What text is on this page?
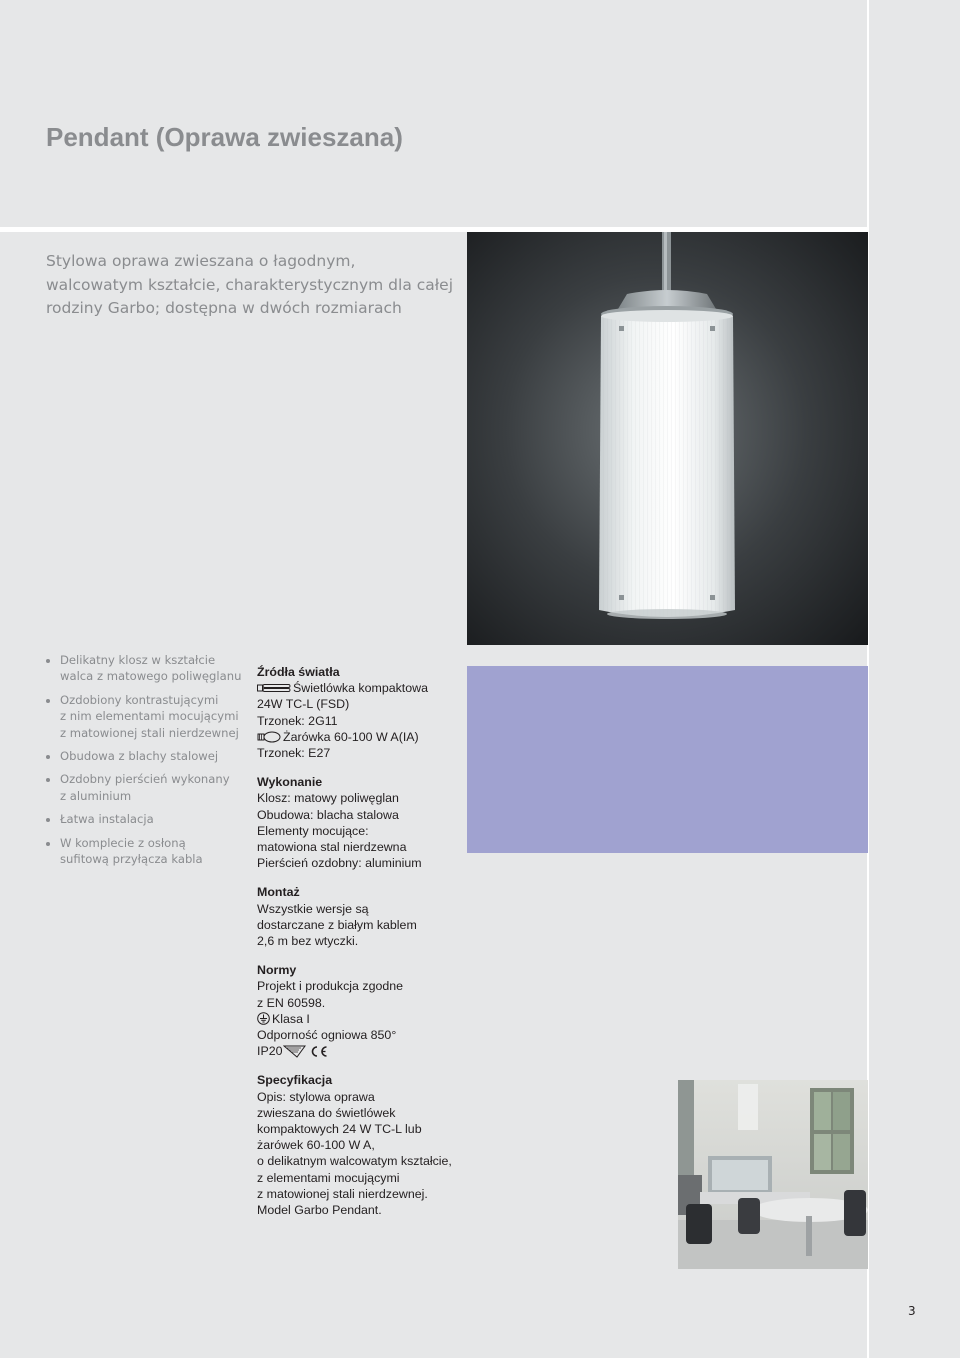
Pendant (Oprawa zwieszana)
Stylowa oprawa zwieszana o łagodnym,
walcowatym kształcie, charakterystycznym dla całej
rodziny Garbo; dostępna w dwóch rozmiarach
Delikatny klosz w kształcie
walca z matowego poliwęglanu
Ozdobiony kontrastującymi
z nim elementami mocującymi
z matowionej stali nierdzewnej
Obudowa z blachy stalowej
Ozdobny pierścień wykonany
z aluminium
Łatwa instalacja
W komplecie z osłoną
sufitową przyłącza kabla
Źródła światła
Świetlówka kompaktowa
24W TC-L (FSD)
Trzonek: 2G11
Żarówka 60-100 W A(IA)
Trzonek: E27
Wykonanie
Klosz: matowy poliwęglan
Obudowa: blacha stalowa
Elementy mocujące:
matowiona stal nierdzewna
Pierścień ozdobny: aluminium
Montaż
Wszystkie wersje są
dostarczane z białym kablem
2,6 m bez wtyczki.
Normy
Projekt i produkcja zgodne
z EN 60598.
Klasa I
Odporność ogniowa 850°
IP20
Specyfikacja
Opis: stylowa oprawa
zwieszana do świetlówek
kompaktowych 24 W TC-L lub
żarówek 60-100 W A,
o delikatnym walcowatym kształcie,
z elementami mocującymi
z matowionej stali nierdzewnej.
Model Garbo Pendant.
3
